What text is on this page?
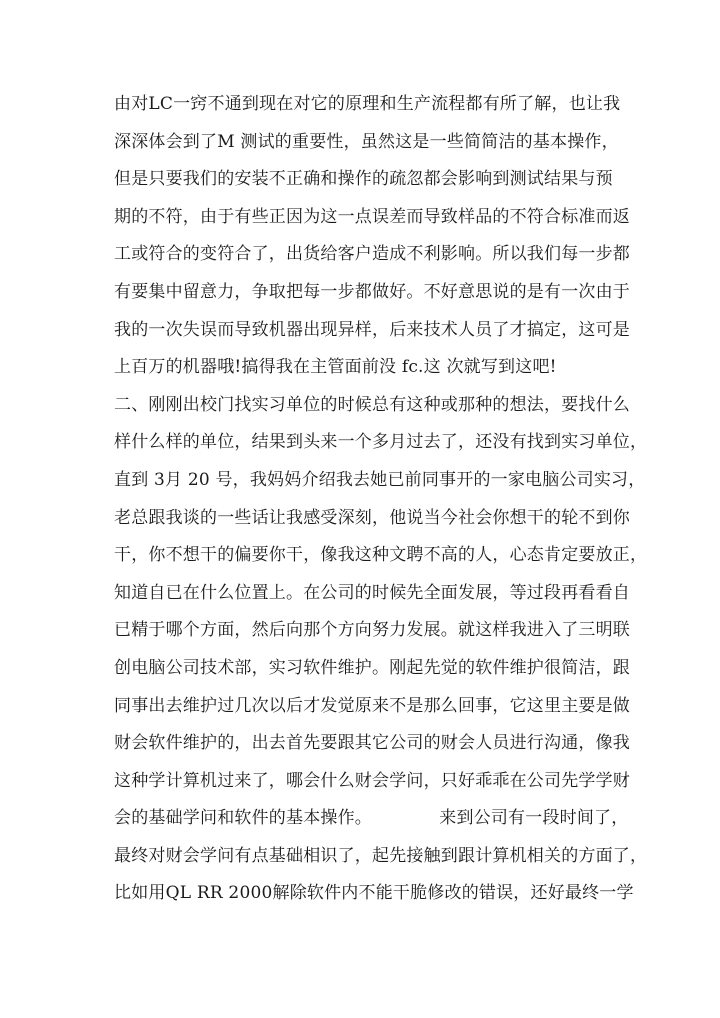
由对LC一窍不通到现在对它的原理和生产流程都有所了解，也让我
深深体会到了M 测试的重要性，虽然这是一些简简洁的基本操作，
但是只要我们的安装不正确和操作的疏忽都会影响到测试结果与预
期的不符，由于有些正因为这一点误差而导致样品的不符合标准而返
工或符合的变符合了，出货给客户造成不利影响。所以我们每一步都
有要集中留意力，争取把每一步都做好。不好意思说的是有一次由于
我的一次失误而导致机器出现异样，后来技术人员了才搞定，这可是
上百万的机器哦!搞得我在主管面前没 fc.这 次就写到这吧!
二、刚刚出校门找实习单位的时候总有这种或那种的想法，要找什么
样什么样的单位，结果到头来一个多月过去了，还没有找到实习单位，
直到 3月 20 号，我妈妈介绍我去她已前同事开的一家电脑公司实习，
老总跟我谈的一些话让我感受深刻，他说当今社会你想干的轮不到你
干，你不想干的偏要你干，像我这种文聘不高的人，心态肯定要放正，
知道自已在什么位置上。在公司的时候先全面发展，等过段再看看自
已精于哪个方面，然后向那个方向努力发展。就这样我进入了三明联
创电脑公司技术部，实习软件维护。刚起先觉的软件维护很简洁，跟
同事出去维护过几次以后才发觉原来不是那么回事，它这里主要是做
财会软件维护的，出去首先要跟其它公司的财会人员进行沟通，像我
这种学计算机过来了，哪会什么财会学问，只好乖乖在公司先学学财
会的基础学问和软件的基本操作。            来到公司有一段时间了，
最终对财会学问有点基础相识了，起先接触到跟计算机相关的方面了，
比如用QL RR 2000解除软件内不能干脆修改的错误，还好最终一学
